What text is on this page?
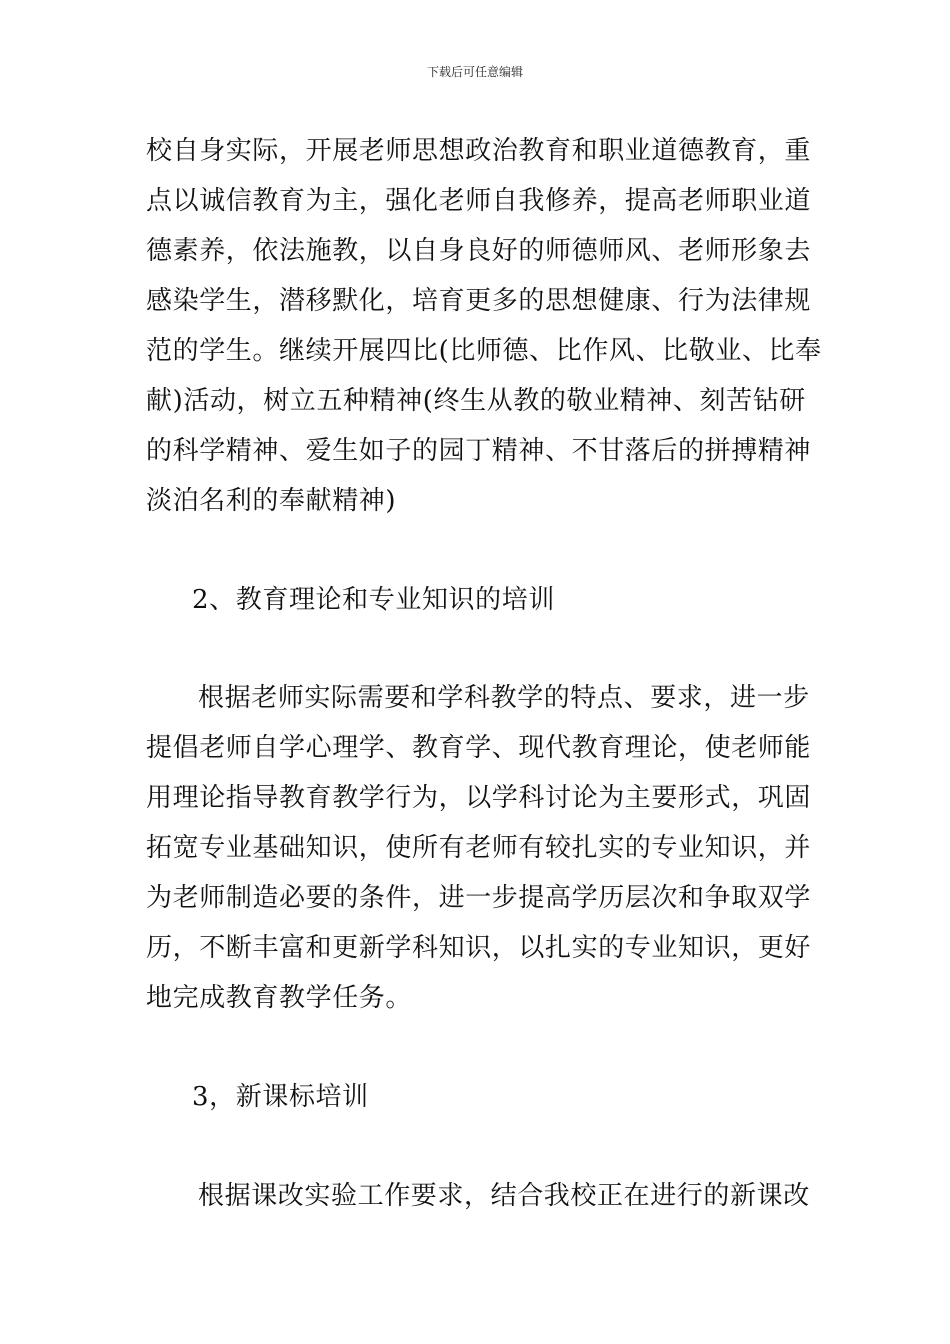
下载后可任意编辑
校自身实际，开展老师思想政治教育和职业道德教育，重
点以诚信教育为主，强化老师自我修养，提高老师职业道
德素养，依法施教，以自身良好的师德师风、老师形象去
感染学生，潜移默化，培育更多的思想健康、行为法律规
范的学生。继续开展四比(比师德、比作风、比敬业、比奉
献)活动，树立五种精神(终生从教的敬业精神、刻苦钻研
的科学精神、爱生如子的园丁精神、不甘落后的拼搏精神
淡泊名利的奉献精神)
2、教育理论和专业知识的培训
根据老师实际需要和学科教学的特点、要求，进一步
提倡老师自学心理学、教育学、现代教育理论，使老师能
用理论指导教育教学行为，以学科讨论为主要形式，巩固
拓宽专业基础知识，使所有老师有较扎实的专业知识，并
为老师制造必要的条件，进一步提高学历层次和争取双学
历，不断丰富和更新学科知识，以扎实的专业知识，更好
地完成教育教学任务。
3，新课标培训
根据课改实验工作要求，结合我校正在进行的新课改
